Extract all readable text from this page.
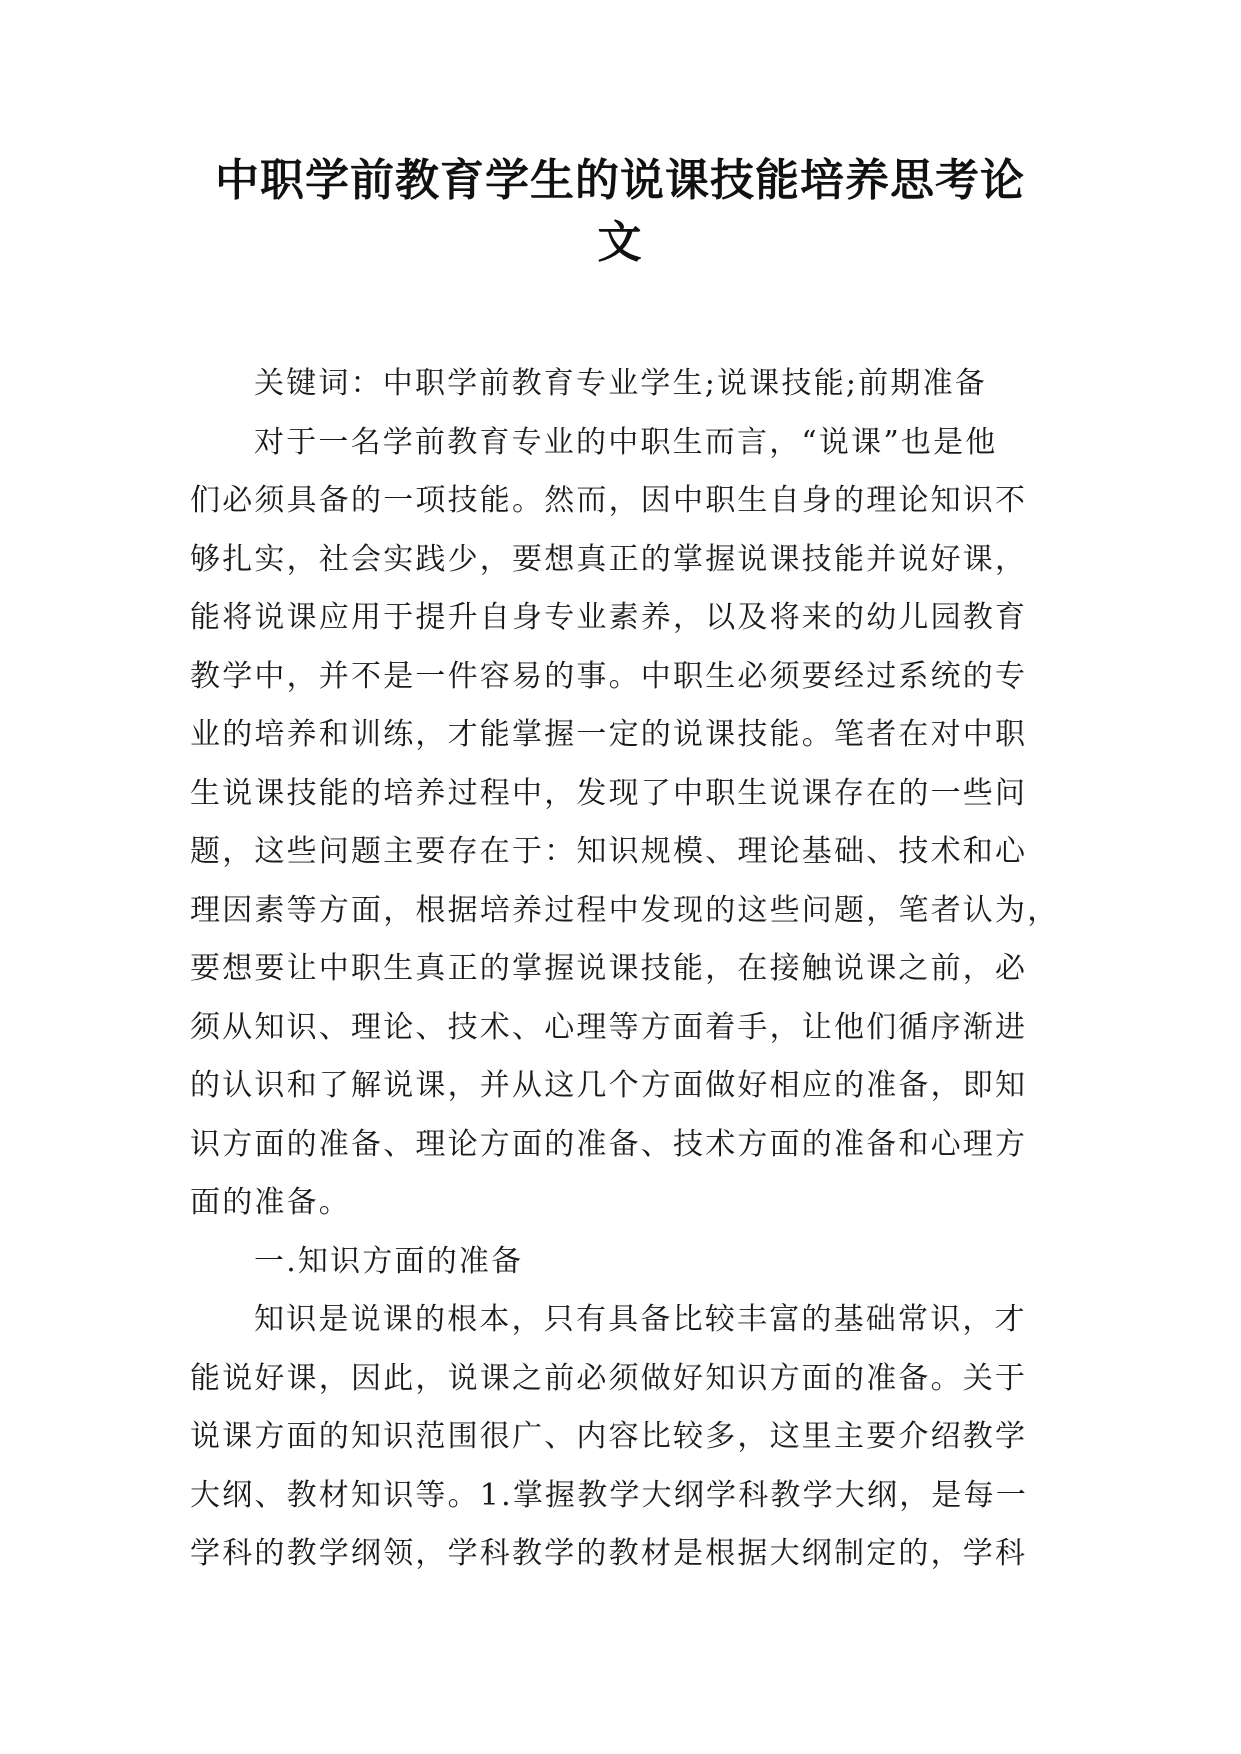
中职学前教育学生的说课技能培养思考论
文
关键词：中职学前教育专业学生;说课技能;前期准备
对于一名学前教育专业的中职生而言，“说课”也是他
们必须具备的一项技能。然而，因中职生自身的理论知识不
够扎实，社会实践少，要想真正的掌握说课技能并说好课，
能将说课应用于提升自身专业素养，以及将来的幼儿园教育
教学中，并不是一件容易的事。中职生必须要经过系统的专
业的培养和训练，才能掌握一定的说课技能。笔者在对中职
生说课技能的培养过程中，发现了中职生说课存在的一些问
题，这些问题主要存在于：知识规模、理论基础、技术和心
理因素等方面，根据培养过程中发现的这些问题，笔者认为，
要想要让中职生真正的掌握说课技能，在接触说课之前，必
须从知识、理论、技术、心理等方面着手，让他们循序渐进
的认识和了解说课，并从这几个方面做好相应的准备，即知
识方面的准备、理论方面的准备、技术方面的准备和心理方
面的准备。
一.知识方面的准备
知识是说课的根本，只有具备比较丰富的基础常识，才
能说好课，因此，说课之前必须做好知识方面的准备。关于
说课方面的知识范围很广、内容比较多，这里主要介绍教学
大纲、教材知识等。1.掌握教学大纲学科教学大纲，是每一
学科的教学纲领，学科教学的教材是根据大纲制定的，学科
